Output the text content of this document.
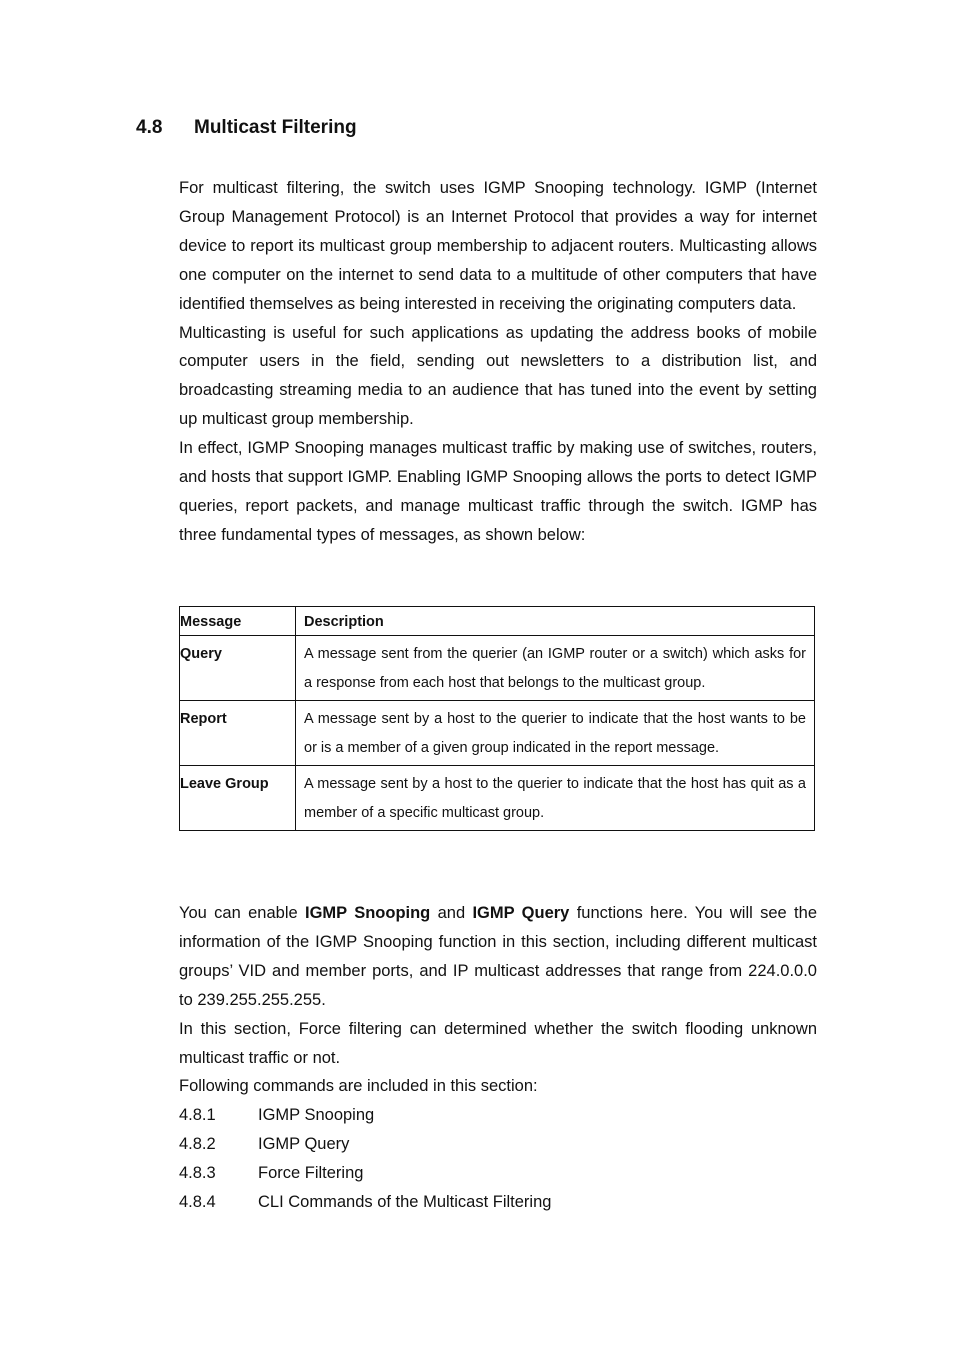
4.8	Multicast Filtering

For multicast filtering, the switch uses IGMP Snooping technology. IGMP (Internet Group Management Protocol) is an Internet Protocol that provides a way for internet device to report its multicast group membership to adjacent routers. Multicasting allows one computer on the internet to send data to a multitude of other computers that have identified themselves as being interested in receiving the originating computers data.

Multicasting is useful for such applications as updating the address books of mobile computer users in the field, sending out newsletters to a distribution list, and broadcasting streaming media to an audience that has tuned into the event by setting up multicast group membership.

In effect, IGMP Snooping manages multicast traffic by making use of switches, routers, and hosts that support IGMP. Enabling IGMP Snooping allows the ports to detect IGMP queries, report packets, and manage multicast traffic through the switch. IGMP has three fundamental types of messages, as shown below:

Message	Description
Query	A message sent from the querier (an IGMP router or a switch) which asks for a response from each host that belongs to the multicast group.
Report	A message sent by a host to the querier to indicate that the host wants to be or is a member of a given group indicated in the report message.
Leave Group	A message sent by a host to the querier to indicate that the host has quit as a member of a specific multicast group.

You can enable IGMP Snooping and IGMP Query functions here. You will see the information of the IGMP Snooping function in this section, including different multicast groups’ VID and member ports, and IP multicast addresses that range from 224.0.0.0 to 239.255.255.255.

In this section, Force filtering can determined whether the switch flooding unknown multicast traffic or not.

Following commands are included in this section:

4.8.1	IGMP Snooping
4.8.2	IGMP Query
4.8.3	Force Filtering
4.8.4	CLI Commands of the Multicast Filtering
